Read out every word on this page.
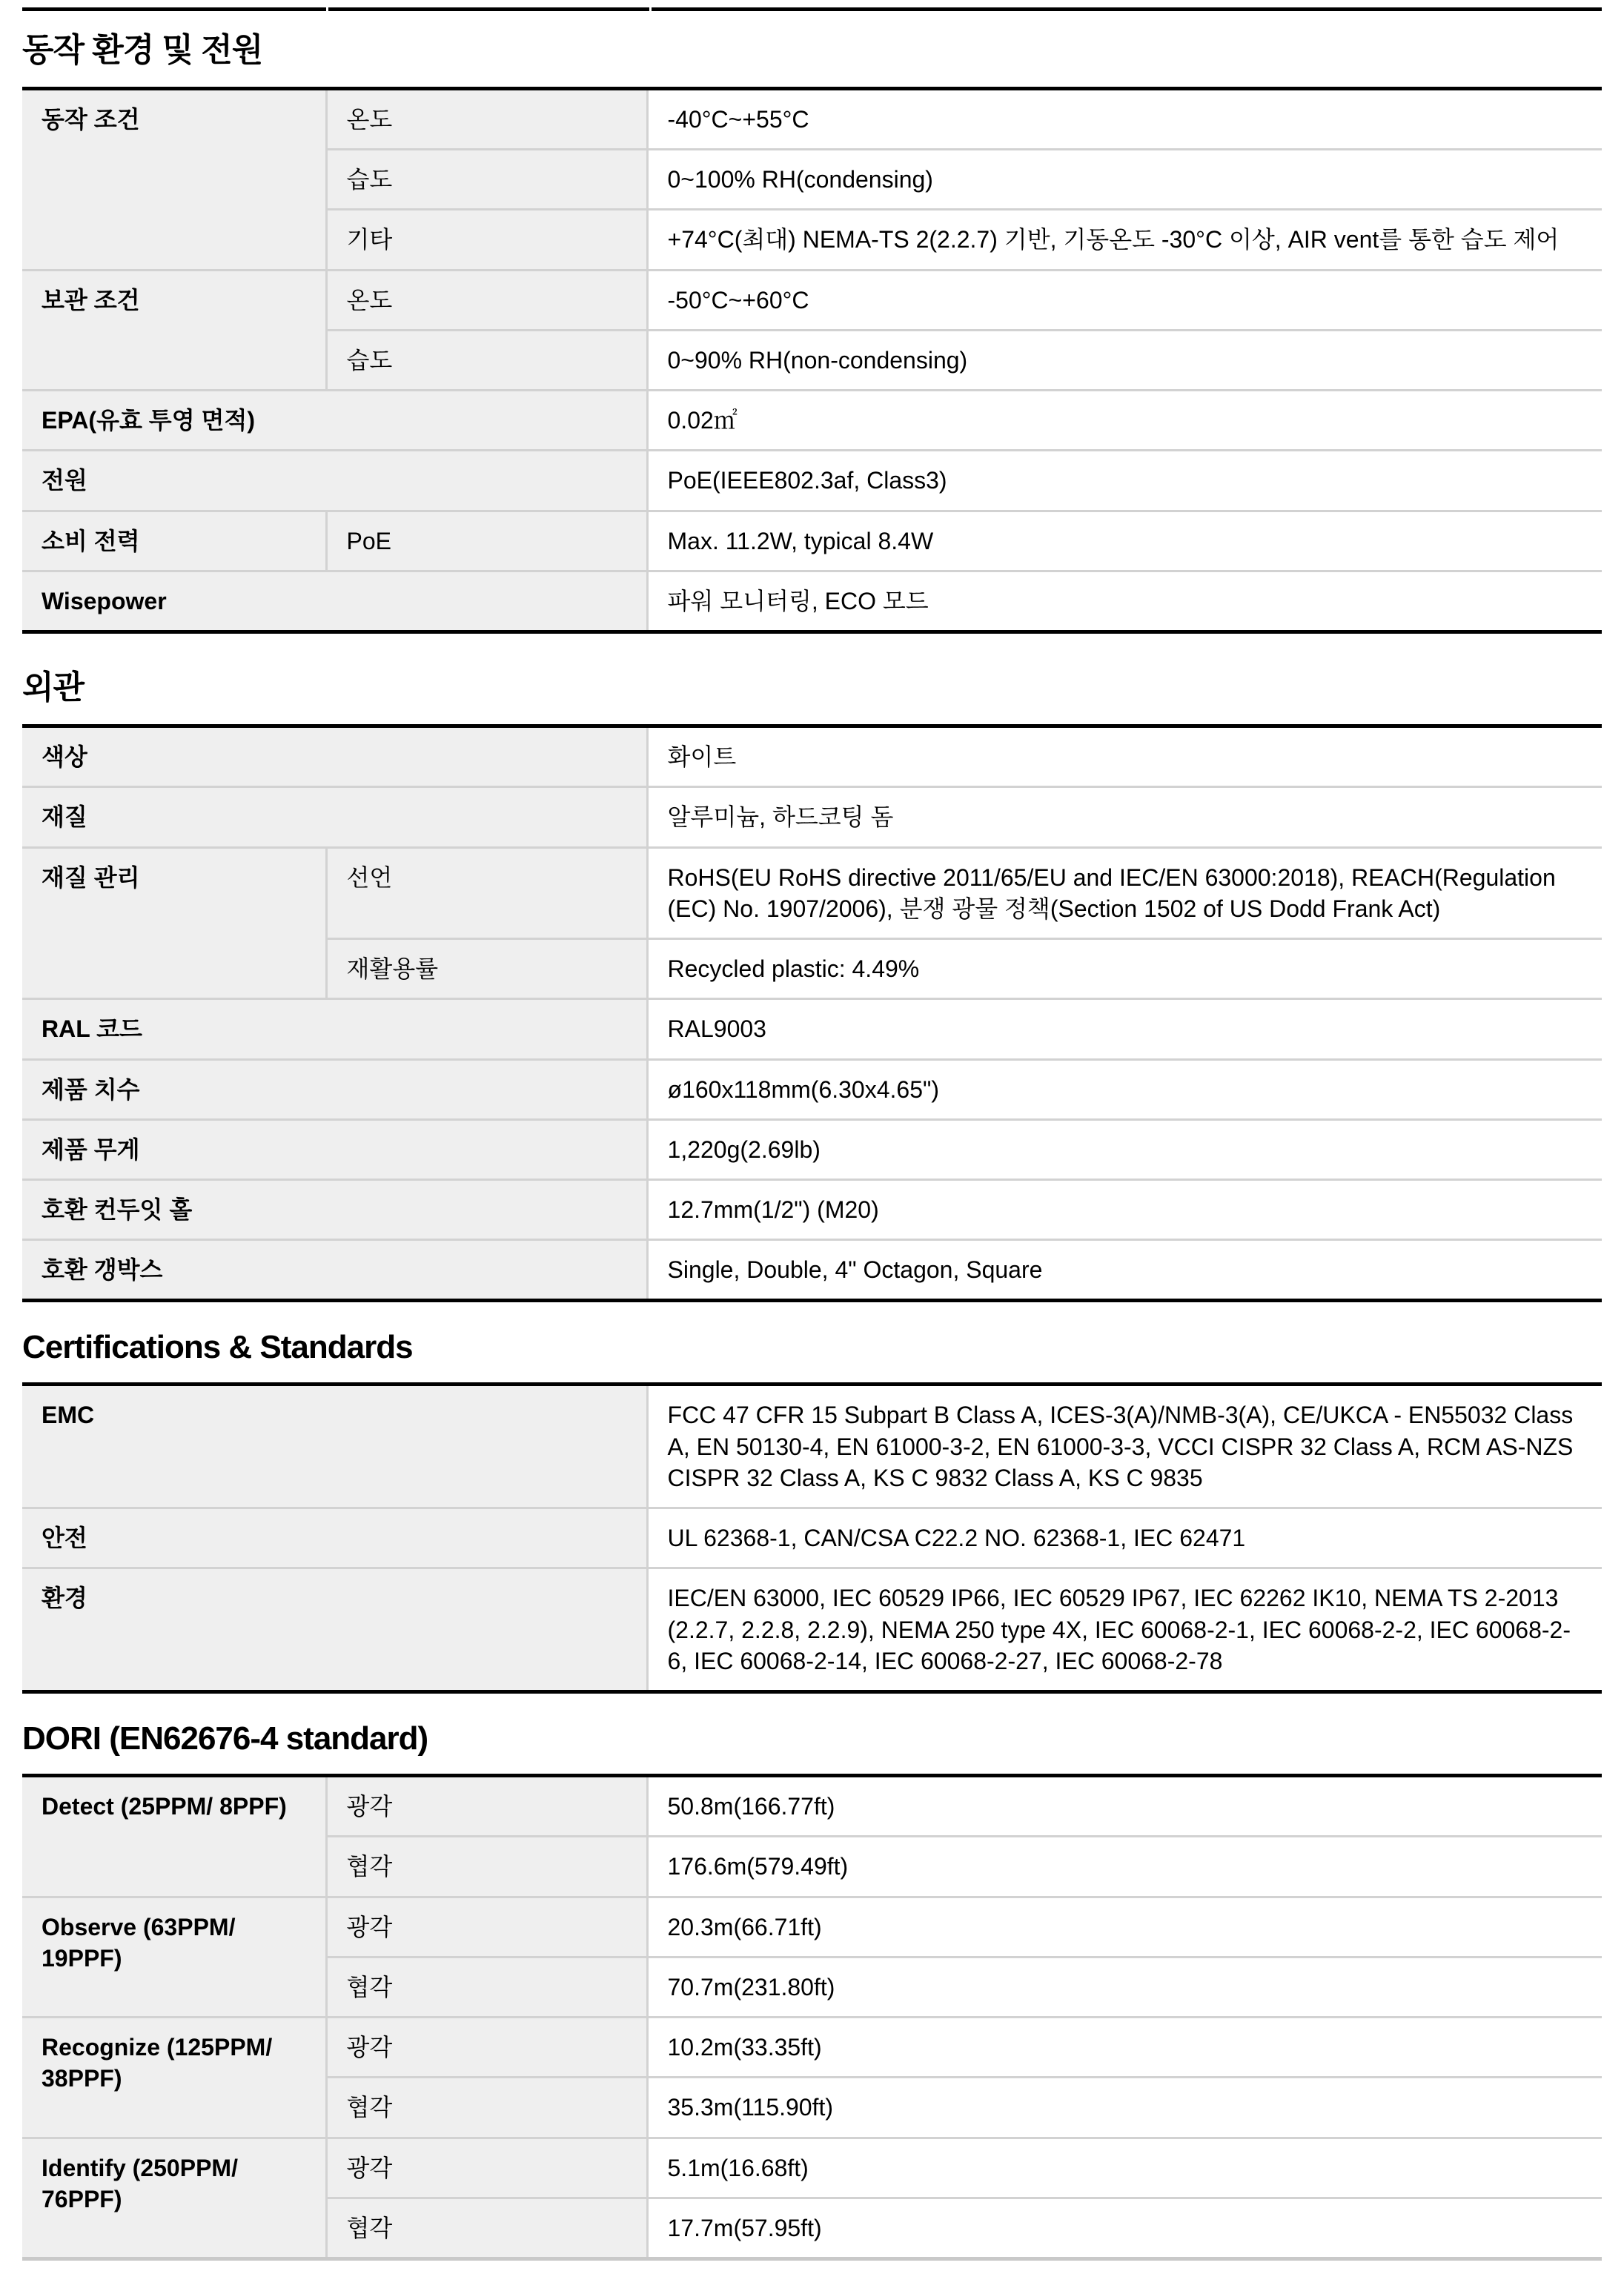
동작 환경 및 전원
동작 조건	온도	-40°C~+55°C
	습도	0~100% RH(condensing)
	기타	+74°C(최대) NEMA-TS 2(2.2.7) 기반, 기동온도 -30°C 이상, AIR vent를 통한 습도 제어
보관 조건	온도	-50°C~+60°C
	습도	0~90% RH(non-condensing)
EPA(유효 투영 면적)		0.02㎡
전원		PoE(IEEE802.3af, Class3)
소비 전력	PoE	Max. 11.2W, typical 8.4W
Wisepower		파워 모니터링, ECO 모드
외관
색상		화이트
재질		알루미늄, 하드코팅 돔
재질 관리	선언	RoHS(EU RoHS directive 2011/65/EU and IEC/EN 63000:2018), REACH(Regulation (EC) No. 1907/2006), 분쟁 광물 정책(Section 1502 of US Dodd Frank Act)
	재활용률	Recycled plastic: 4.49%
RAL 코드		RAL9003
제품 치수		ø160x118mm(6.30x4.65")
제품 무게		1,220g(2.69lb)
호환 컨두잇 홀		12.7mm(1/2") (M20)
호환 갱박스		Single, Double, 4" Octagon, Square
Certifications & Standards
EMC	FCC 47 CFR 15 Subpart B Class A, ICES-3(A)/NMB-3(A), CE/UKCA - EN55032 Class A, EN 50130-4, EN 61000-3-2, EN 61000-3-3, VCCI CISPR 32 Class A, RCM AS-NZS CISPR 32 Class A, KS C 9832 Class A, KS C 9835
안전	UL 62368-1, CAN/CSA C22.2 NO. 62368-1, IEC 62471
환경	IEC/EN 63000, IEC 60529 IP66, IEC 60529 IP67, IEC 62262 IK10, NEMA TS 2-2013 (2.2.7, 2.2.8, 2.2.9), NEMA 250 type 4X, IEC 60068-2-1, IEC 60068-2-2, IEC 60068-2-6, IEC 60068-2-14, IEC 60068-2-27, IEC 60068-2-78
DORI (EN62676-4 standard)
Detect (25PPM/ 8PPF)	광각	50.8m(166.77ft)
	협각	176.6m(579.49ft)
Observe (63PPM/ 19PPF)	광각	20.3m(66.71ft)
	협각	70.7m(231.80ft)
Recognize (125PPM/ 38PPF)	광각	10.2m(33.35ft)
	협각	35.3m(115.90ft)
Identify (250PPM/ 76PPF)	광각	5.1m(16.68ft)
	협각	17.7m(57.95ft)
